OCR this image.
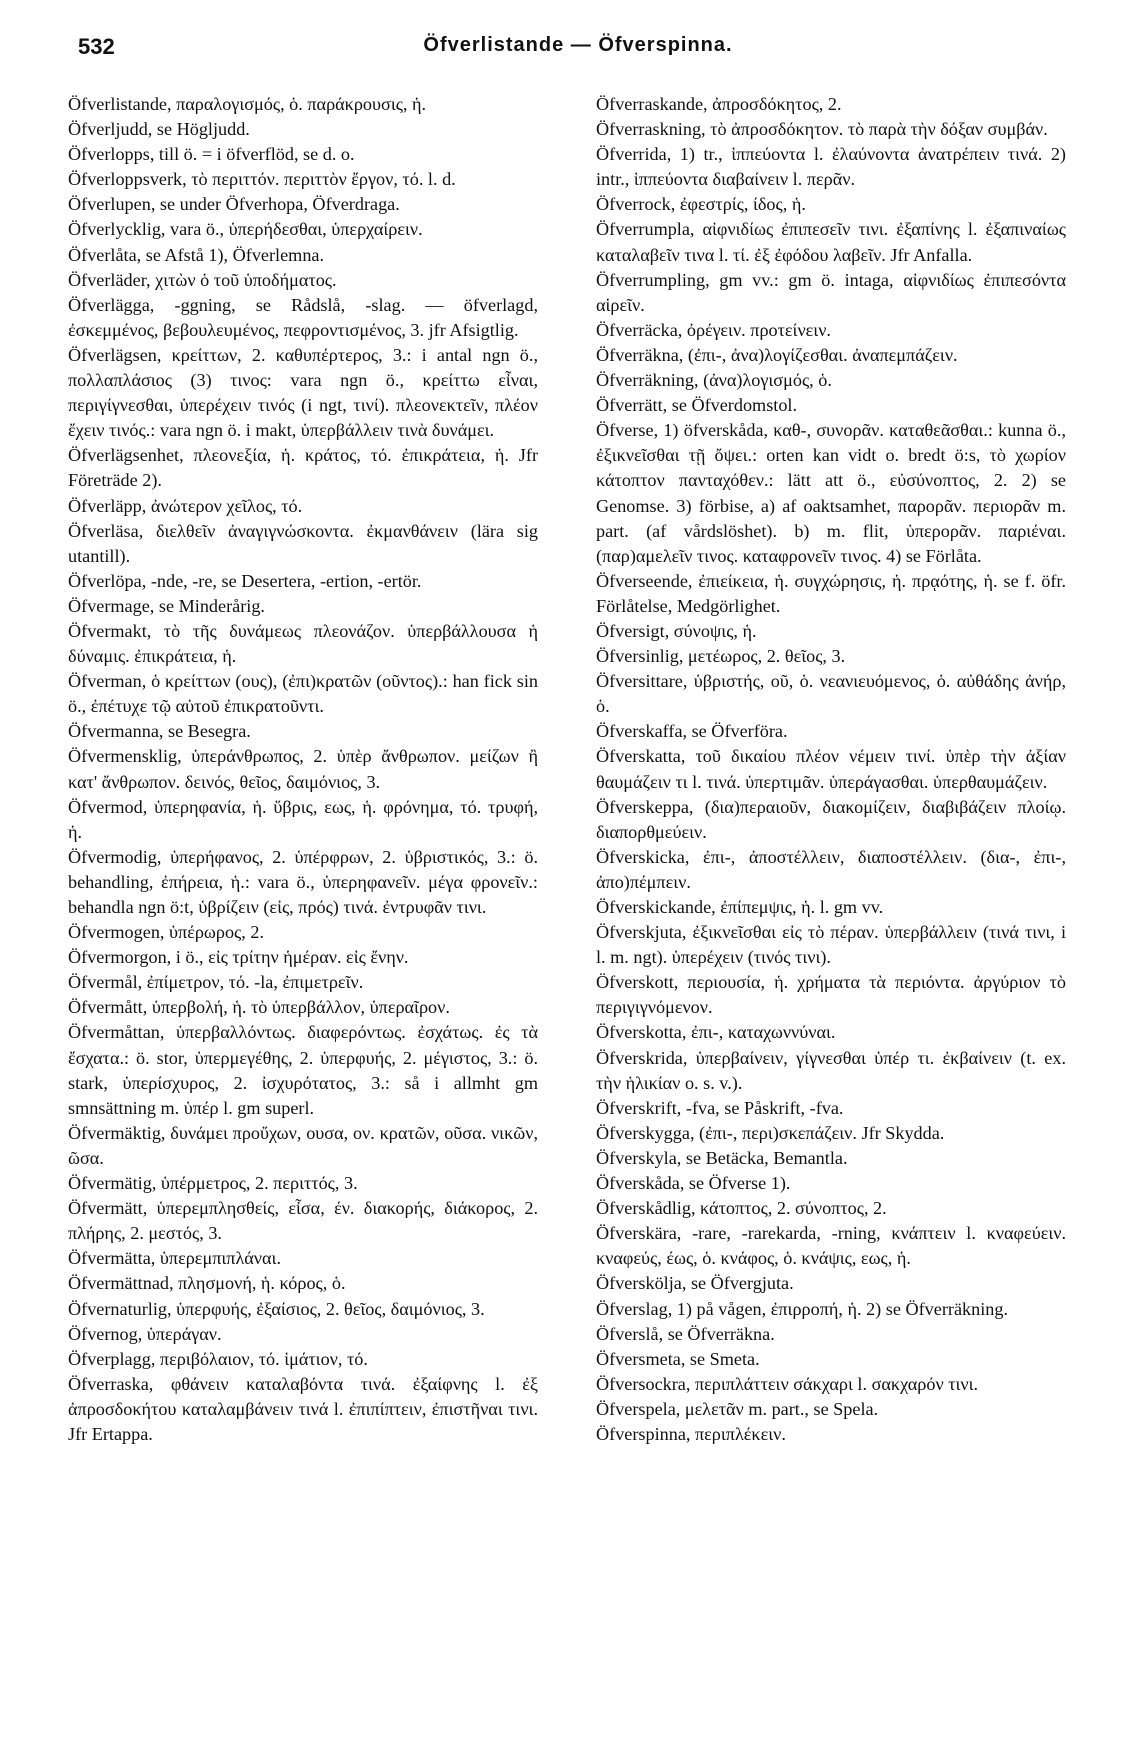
532	Öfverlistande — Öfverspinna.

Öfverlistande, παραλογισμός, ὁ. παράκρουσις, ἡ.

Öfverljudd, se Högljudd.

Öfverlopps, till ö. = i öfverflöd, se d. o.

Öfverloppsverk, τὸ περιττόν. περιττὸν ἔργον, τό. l. d.

Öfverlupen, se under Öfverhopa, Öfverdraga.

Öfverlycklig, vara ö., ὑπερήδεσθαι, ὑπερχαίρειν.

Öfverlåta, se Afstå 1), Öfverlemna.

Öfverläder, χιτὼν ὁ τοῦ ὑποδήματος.

Öfverlägga, -ggning, se Rådslå, -slag. — öfverlagd, ἐσκεμμένος, βεβουλευμένος, πεφροντισμένος, 3. jfr Afsigtlig.

Öfverlägsen, κρείττων, 2. καθυπέρτερος, 3.: i antal ngn ö., πολλαπλάσιος (3) τινος: vara ngn ö., κρείττω εἶναι, περιγίγνεσθαι, ὑπερέχειν τινός (i ngt, τινί). πλεονεκτεῖν, πλέον ἔχειν τινός.: vara ngn ö. i makt, ὑπερβάλλειν τινὰ δυνάμει.

Öfverlägsenhet, πλεονεξία, ἡ. κράτος, τό. ἐπικράτεια, ἡ. Jfr Företräde 2).

Öfverläpp, ἀνώτερον χεῖλος, τό.

Öfverläsa, διελθεῖν ἀναγιγνώσκοντα. ἐκμανθάνειν (lära sig utantill).

Öfverlöpa, -nde, -re, se Desertera, -ertion, -ertör.

Öfvermage, se Minderårig.

Öfvermakt, τὸ τῆς δυνάμεως πλεονάζον. ὑπερβάλλουσα ἡ δύναμις. ἐπικράτεια, ἡ.

Öfverman, ὁ κρείττων (ους), (ἐπι)κρατῶν (οῦντος).: han fick sin ö., ἐπέτυχε τῷ αὐτοῦ ἐπικρατοῦντι.

Öfvermanna, se Besegra.

Öfvermensklig, ὑπεράνθρωπος, 2. ὑπὲρ ἄνθρωπον. μείζων ἢ κατ' ἄνθρωπον. δεινός, θεῖος, δαιμόνιος, 3.

Öfvermod, ὑπερηφανία, ἡ. ὕβρις, εως, ἡ. φρόνημα, τό. τρυφή, ἡ.

Öfvermodig, ὑπερήφανος, 2. ὑπέρφρων, 2. ὑβριστικός, 3.: ö. behandling, ἐπήρεια, ἡ.: vara ö., ὑπερηφανεῖν. μέγα φρονεῖν.: behandla ngn ö:t, ὑβρίζειν (εἰς, πρός) τινά. ἐντρυφᾶν τινι.

Öfvermogen, ὑπέρωρος, 2.

Öfvermorgon, i ö., εἰς τρίτην ἡμέραν. εἰς ἔνην.

Öfvermål, ἐπίμετρον, τό. -la, ἐπιμετρεῖν.

Öfvermått, ὑπερβολή, ἡ. τὸ ὑπερβάλλον, ὑπεραῖρον.

Öfvermåttan, ὑπερβαλλόντως. διαφερόντως. ἐσχάτως. ἐς τὰ ἔσχατα.: ö. stor, ὑπερμεγέθης, 2. ὑπερφυής, 2. μέγιστος, 3.: ö. stark, ὑπερίσχυρος, 2. ἰσχυρότατος, 3.: så i allmht gm smnsättning m. ὑπέρ l. gm superl.

Öfvermäktig, δυνάμει προὔχων, ουσα, ον. κρατῶν, οῦσα. νικῶν, ῶσα.

Öfvermätig, ὑπέρμετρος, 2. περιττός, 3.

Öfvermätt, ὑπερεμπλησθείς, εἶσα, έν. διακορής, διάκορος, 2. πλήρης, 2. μεστός, 3.

Öfvermätta, ὑπερεμπιπλάναι.

Öfvermättnad, πλησμονή, ἡ. κόρος, ὁ.

Öfvernaturlig, ὑπερφυής, ἐξαίσιος, 2. θεῖος, δαιμόνιος, 3.

Öfvernog, ὑπεράγαν.

Öfverplagg, περιβόλαιον, τό. ἱμάτιον, τό.

Öfverraska, φθάνειν καταλαβόντα τινά. ἐξαίφνης l. ἐξ ἀπροσδοκήτου καταλαμβάνειν τινά l. ἐπιπίπτειν, ἐπιστῆναι τινι. Jfr Ertappa.

Öfverraskande, ἀπροσδόκητος, 2.

Öfverraskning, τὸ ἀπροσδόκητον. τὸ παρὰ τὴν δόξαν συμβάν.

Öfverrida, 1) tr., ἱππεύοντα l. ἐλαύνοντα ἀνατρέπειν τινά. 2) intr., ἱππεύοντα διαβαίνειν l. περᾶν.

Öfverrock, ἐφεστρίς, ίδος, ἡ.

Öfverrumpla, αἰφνιδίως ἐπιπεσεῖν τινι. ἐξαπίνης l. ἐξαπιναίως καταλαβεῖν τινα l. τί. ἐξ ἐφόδου λαβεῖν. Jfr Anfalla.

Öfverrumpling, gm vv.: gm ö. intaga, αἰφνιδίως ἐπιπεσόντα αἱρεῖν.

Öfverräcka, ὀρέγειν. προτείνειν.

Öfverräkna, (ἐπι-, ἀνα)λογίζεσθαι. ἀναπεμπάζειν.

Öfverräkning, (ἀνα)λογισμός, ὁ.

Öfverrätt, se Öfverdomstol.

Öfverse, 1) öfverskåda, καθ-, συνορᾶν. καταθεᾶσθαι.: kunna ö., ἐξικνεῖσθαι τῇ ὄψει.: orten kan vidt o. bredt ö:s, τὸ χωρίον κάτοπτον πανταχόθεν.: lätt att ö., εὐσύνοπτος, 2. 2) se Genomse. 3) förbise, a) af oaktsamhet, παρορᾶν. περιορᾶν m. part. (af vårdslöshet). b) m. flit, ὑπερορᾶν. παριέναι. (παρ)αμελεῖν τινος. καταφρονεῖν τινος. 4) se Förlåta.

Öfverseende, ἐπιείκεια, ἡ. συγχώρησις, ἡ. πρᾳότης, ἡ. se f. öfr. Förlåtelse, Medgörlighet.

Öfversigt, σύνοψις, ἡ.

Öfversinlig, μετέωρος, 2. θεῖος, 3.

Öfversittare, ὑβριστής, οῦ, ὁ. νεανιευόμενος, ὁ. αὐθάδης ἀνήρ, ὁ.

Öfverskaffa, se Öfverföra.

Öfverskatta, τοῦ δικαίου πλέον νέμειν τινί. ὑπὲρ τὴν ἀξίαν θαυμάζειν τι l. τινά. ὑπερτιμᾶν. ὑπεράγασθαι. ὑπερθαυμάζειν.

Öfverskeppa, (δια)περαιοῦν, διακομίζειν, διαβιβάζειν πλοίῳ. διαπορθμεύειν.

Öfverskicka, ἐπι-, ἀποστέλλειν, διαποστέλλειν. (δια-, ἐπι-, ἀπο)πέμπειν.

Öfverskickande, ἐπίπεμψις, ἡ. l. gm vv.

Öfverskjuta, ἐξικνεῖσθαι εἰς τὸ πέραν. ὑπερβάλλειν (τινά τινι, i l. m. ngt). ὑπερέχειν (τινός τινι).

Öfverskott, περιουσία, ἡ. χρήματα τὰ περιόντα. ἀργύριον τὸ περιγιγνόμενον.

Öfverskotta, ἐπι-, καταχωννύναι.

Öfverskrida, ὑπερβαίνειν, γίγνεσθαι ὑπέρ τι. ἐκβαίνειν (t. ex. τὴν ἡλικίαν o. s. v.).

Öfverskrift, -fva, se Påskrift, -fva.

Öfverskygga, (ἐπι-, περι)σκεπάζειν. Jfr Skydda.

Öfverskyla, se Betäcka, Bemantla.

Öfverskåda, se Öfverse 1).

Öfverskådlig, κάτοπτος, 2. σύνοπτος, 2.

Öfverskära, -rare, -rarekarda, -rning, κνάπτειν l. κναφεύειν. κναφεύς, έως, ὁ. κνάφος, ὁ. κνάψις, εως, ἡ.

Öfversköljа, se Öfvergjuta.

Öfverslag, 1) på vågen, ἐπιρροπή, ἡ. 2) se Öfverräkning.

Öfverslå, se Öfverräkna.

Öfversmeta, se Smeta.

Öfversockra, περιπλάττειν σάκχαρι l. σακχαρόν τινι.

Öfverspela, μελετᾶν m. part., se Spela.

Öfverspinna, περιπλέκειν.
